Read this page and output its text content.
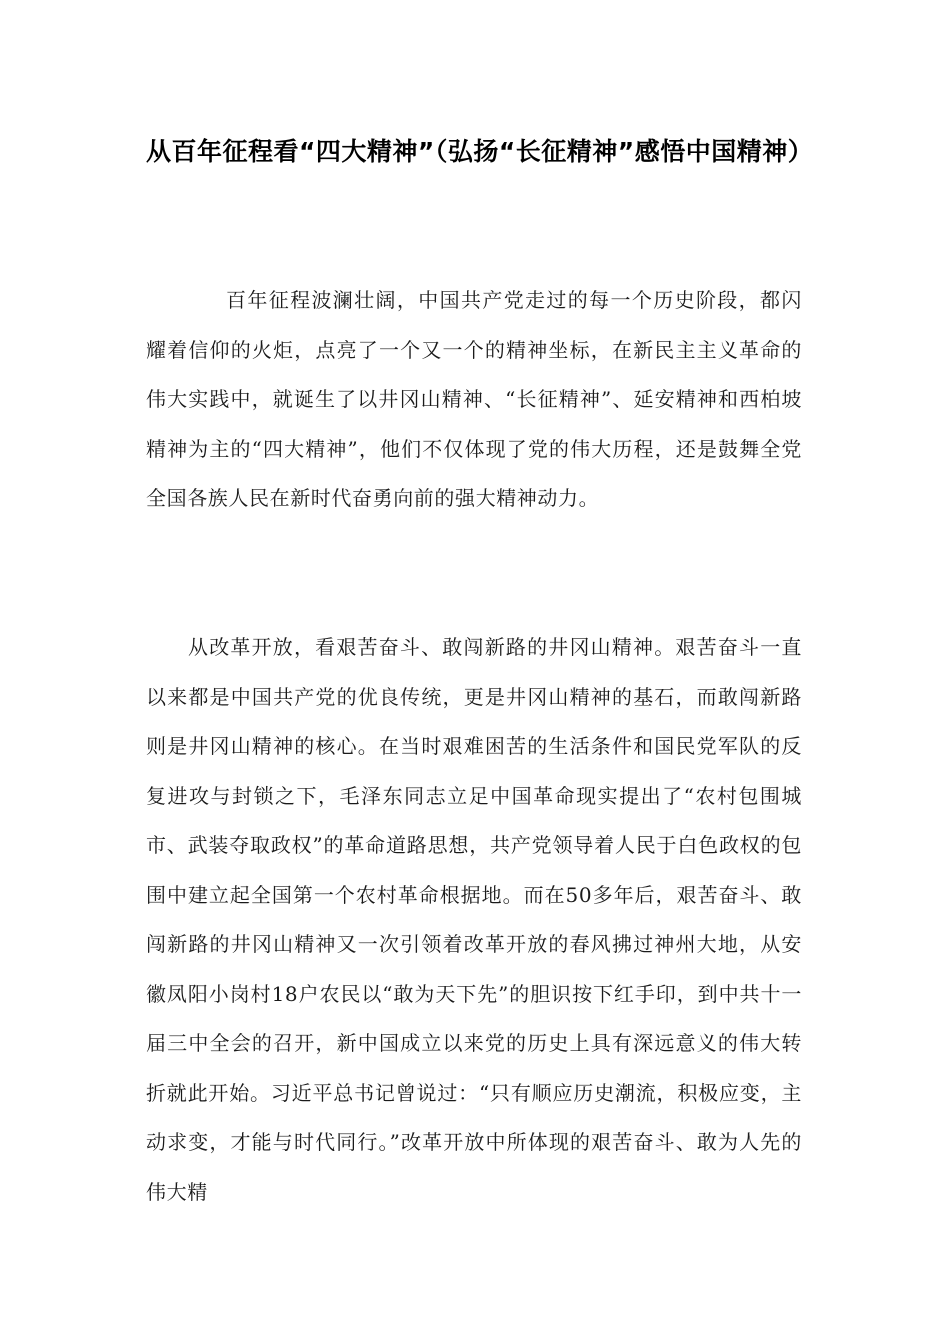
从百年征程看“四大精神”（弘扬“长征精神”感悟中国精神）

百年征程波澜壮阔，中国共产党走过的每一个历史阶段，都闪耀着信仰的火炬，点亮了一个又一个的精神坐标，在新民主主义革命的伟大实践中，就诞生了以井冈山精神、“长征精神”、延安精神和西柏坡精神为主的“四大精神”，他们不仅体现了党的伟大历程，还是鼓舞全党全国各族人民在新时代奋勇向前的强大精神动力。

从改革开放，看艰苦奋斗、敢闯新路的井冈山精神。艰苦奋斗一直以来都是中国共产党的优良传统，更是井冈山精神的基石，而敢闯新路则是井冈山精神的核心。在当时艰难困苦的生活条件和国民党军队的反复进攻与封锁之下，毛泽东同志立足中国革命现实提出了“农村包围城市、武装夺取政权”的革命道路思想，共产党领导着人民于白色政权的包围中建立起全国第一个农村革命根据地。而在50多年后，艰苦奋斗、敢闯新路的井冈山精神又一次引领着改革开放的春风拂过神州大地，从安徽凤阳小岗村18户农民以“敢为天下先”的胆识按下红手印，到中共十一届三中全会的召开，新中国成立以来党的历史上具有深远意义的伟大转折就此开始。习近平总书记曾说过：“只有顺应历史潮流，积极应变，主动求变，才能与时代同行。”改革开放中所体现的艰苦奋斗、敢为人先的伟大精
